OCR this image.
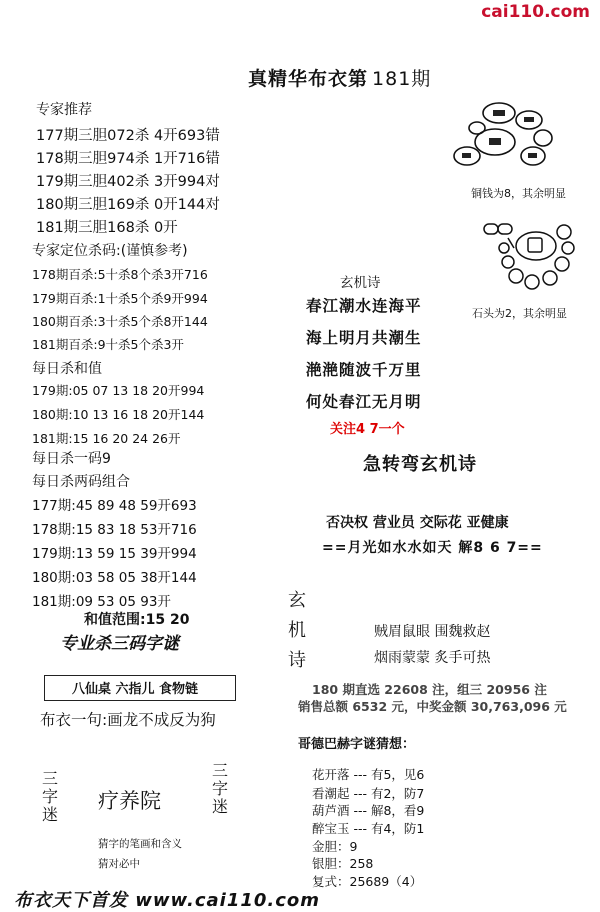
cai110.com
真精华布衣第 181期
专家推荐
177期三胆072杀 4开693错
178期三胆974杀 1开716错
179期三胆402杀 3开994对
180期三胆169杀 0开144对
181期三胆168杀 0开
专家定位杀码:(谨慎参考)
178期百杀:5十杀8个杀3开716
179期百杀:1十杀5个杀9开994
180期百杀:3十杀5个杀8开144
181期百杀:9十杀5个杀3开
每日杀和值
179期:05 07 13 18 20开994
180期:10 13 16 18 20开144
181期:15 16 20 24 26开
每日杀一码9
每日杀两码组合
177期:45 89 48 59开693
178期:15 83 18 53开716
179期:13 59 15 39开994
180期:03 58 05 38开144
181期:09 53 05 93开
和值范围:15 20
专业杀三码字谜
八仙桌 六指儿 食物链
布衣一句:画龙不成反为狗
三
字
迷
疗养院
三
字
迷
猜字的笔画和含义
猜对必中
铜钱为8，其余明显
石头为2，其余明显
玄机诗
春江潮水连海平
海上明月共潮生
滟滟随波千万里
何处春江无月明
关注4 7一个
急转弯玄机诗
否决权 营业员 交际花 亚健康
==月光如水水如天 解8 6 7==
玄
机
诗
贼眉鼠眼 围魏救赵
烟雨蒙蒙 炙手可热
180 期直选 22608 注，组三 20956 注
销售总额 6532 元，中奖金额 30,763,096 元
哥德巴赫字谜猜想：
花开落 --- 有5，见6
看潮起 --- 有2，防7
葫芦酒 --- 解8，看9
醉宝玉 --- 有4，防1
金胆：9
银胆：258
复式：25689（4）
布衣天下首发 www.cai110.com
